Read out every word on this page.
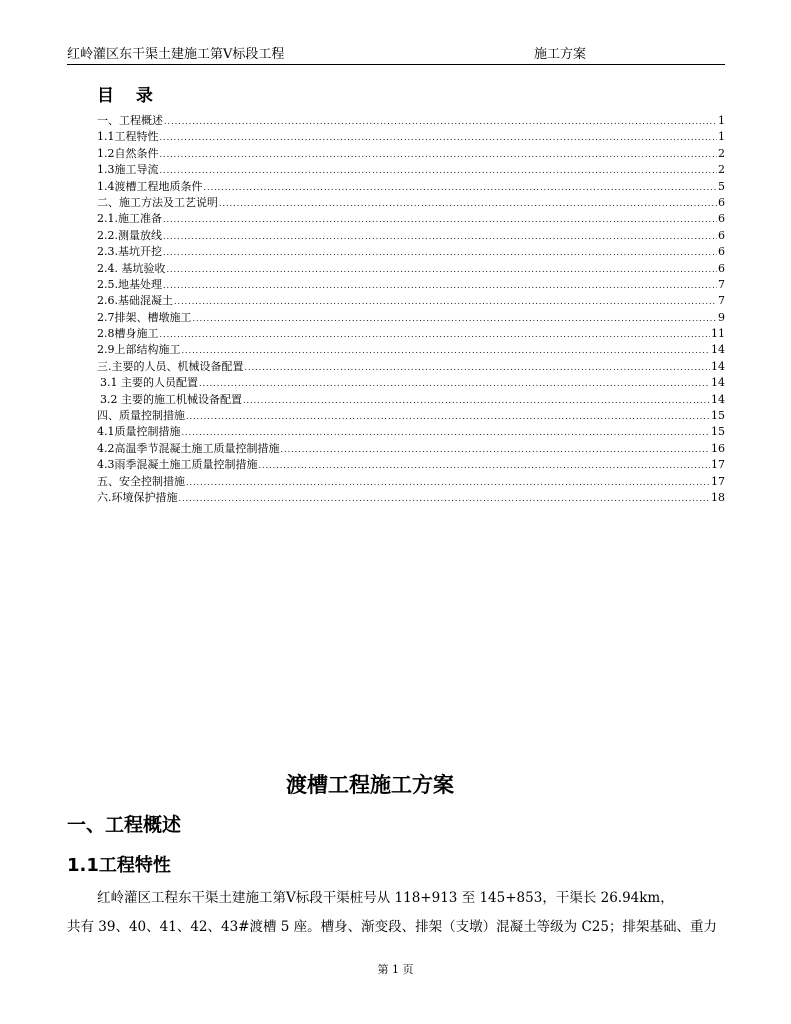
红岭灌区东干渠土建施工第Ⅴ标段工程	施工方案
目 录
一、工程概述 .....	1
1.1工程特性 .....	1
1.2自然条件 .....	2
1.3施工导流 .....	2
1.4渡槽工程地质条件 .....	5
二、施工方法及工艺说明 .....	6
2.1.施工准备 .....	6
2.2.测量放线 .....	6
2.3.基坑开挖 .....	6
2.4. 基坑验收 .....	6
2.5.地基处理 .....	7
2.6.基础混凝土 .....	7
2.7排架、槽墩施工 .....	9
2.8槽身施工 .....	11
2.9上部结构施工 .....	14
三.主要的人员、机械设备配置 .....	14
3.1 主要的人员配置 .....	14
3.2 主要的施工机械设备配置 .....	14
四、质量控制措施 .....	15
4.1质量控制措施 .....	15
4.2高温季节混凝土施工质量控制措施 .....	16
4.3雨季混凝土施工质量控制措施 .....	17
五、安全控制措施 .....	17
六.环境保护措施 .....	18
渡槽工程施工方案
一、工程概述
1.1工程特性
红岭灌区工程东干渠土建施工第Ⅴ标段干渠桩号从 118+913 至 145+853，干渠长 26.94km，
共有 39、40、41、42、43#渡槽 5 座。槽身、渐变段、排架（支墩）混凝土等级为 C25；排架基础、重力
第 1 页
